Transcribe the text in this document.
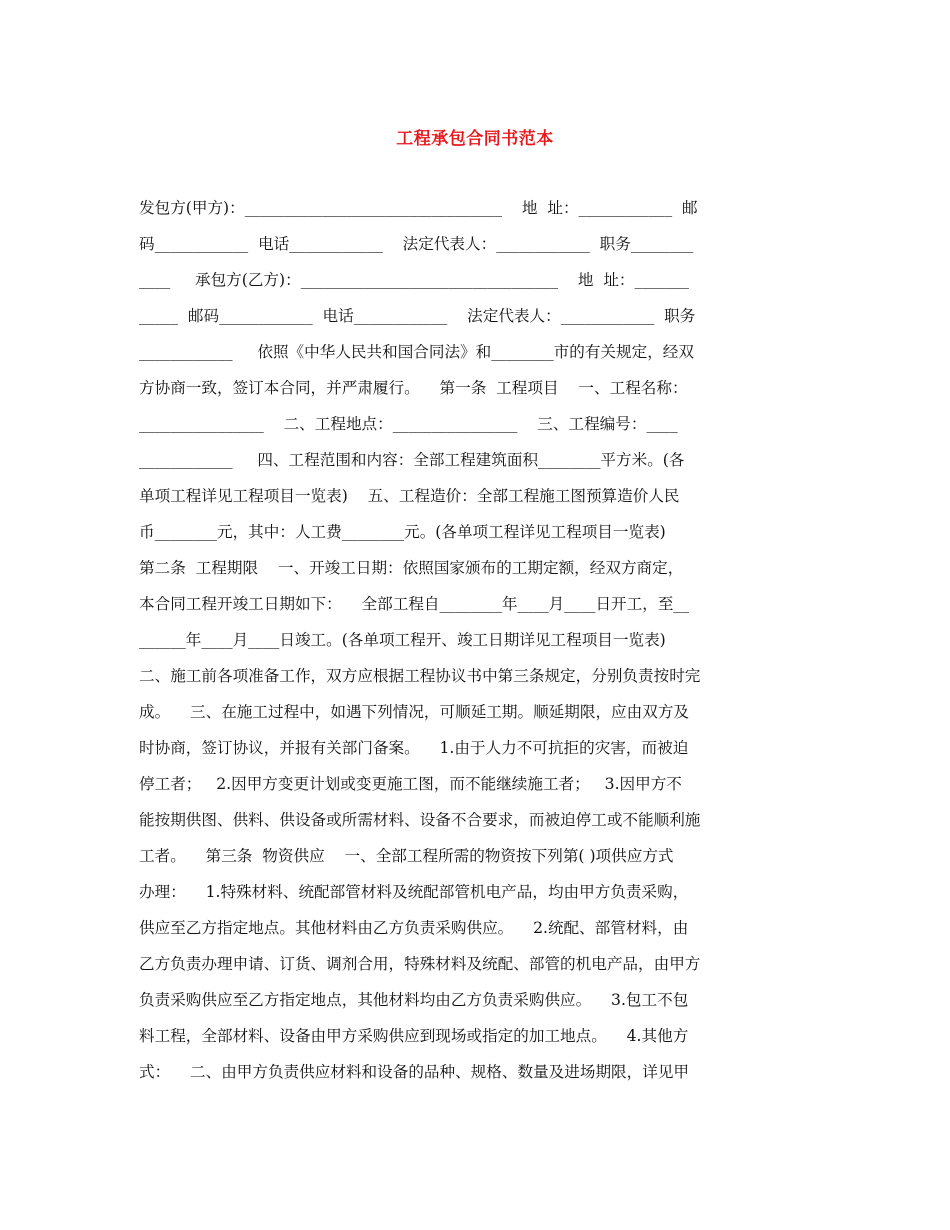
工程承包合同书范本
发包方(甲方)：_________________________________    地  址：____________  邮
码____________  电话____________    法定代表人：____________  职务________
____     承包方(乙方)：_________________________________    地  址：_______
_____  邮码____________  电话____________    法定代表人：____________  职务
____________     依照《中华人民共和国合同法》和________市的有关规定，经双
方协商一致，签订本合同，并严肃履行。    第一条  工程项目    一、工程名称：
________________    二、工程地点：________________    三、工程编号：____
____________     四、工程范围和内容：全部工程建筑面积________平方米。(各
单项工程详见工程项目一览表)    五、工程造价：全部工程施工图预算造价人民
币________元，其中：人工费________元。(各单项工程详见工程项目一览表)
第二条  工程期限    一、开竣工日期：依照国家颁布的工期定额，经双方商定，
本合同工程开竣工日期如下：    全部工程自________年____月____日开工，至__
______年____月____日竣工。(各单项工程开、竣工日期详见工程项目一览表)
二、施工前各项准备工作，双方应根据工程协议书中第三条规定，分别负责按时完
成。    三、在施工过程中，如遇下列情况，可顺延工期。顺延期限，应由双方及
时协商，签订协议，并报有关部门备案。    1.由于人力不可抗拒的灾害，而被迫
停工者；   2.因甲方变更计划或变更施工图，而不能继续施工者；   3.因甲方不
能按期供图、供料、供设备或所需材料、设备不合要求，而被迫停工或不能顺利施
工者。    第三条  物资供应    一、全部工程所需的物资按下列第( )项供应方式
办理：    1.特殊材料、统配部管材料及统配部管机电产品，均由甲方负责采购，
供应至乙方指定地点。其他材料由乙方负责采购供应。    2.统配、部管材料，由
乙方负责办理申请、订货、调剂合用，特殊材料及统配、部管的机电产品，由甲方
负责采购供应至乙方指定地点，其他材料均由乙方负责采购供应。    3.包工不包
料工程，全部材料、设备由甲方采购供应到现场或指定的加工地点。    4.其他方
式：    二、由甲方负责供应材料和设备的品种、规格、数量及进场期限，详见甲
